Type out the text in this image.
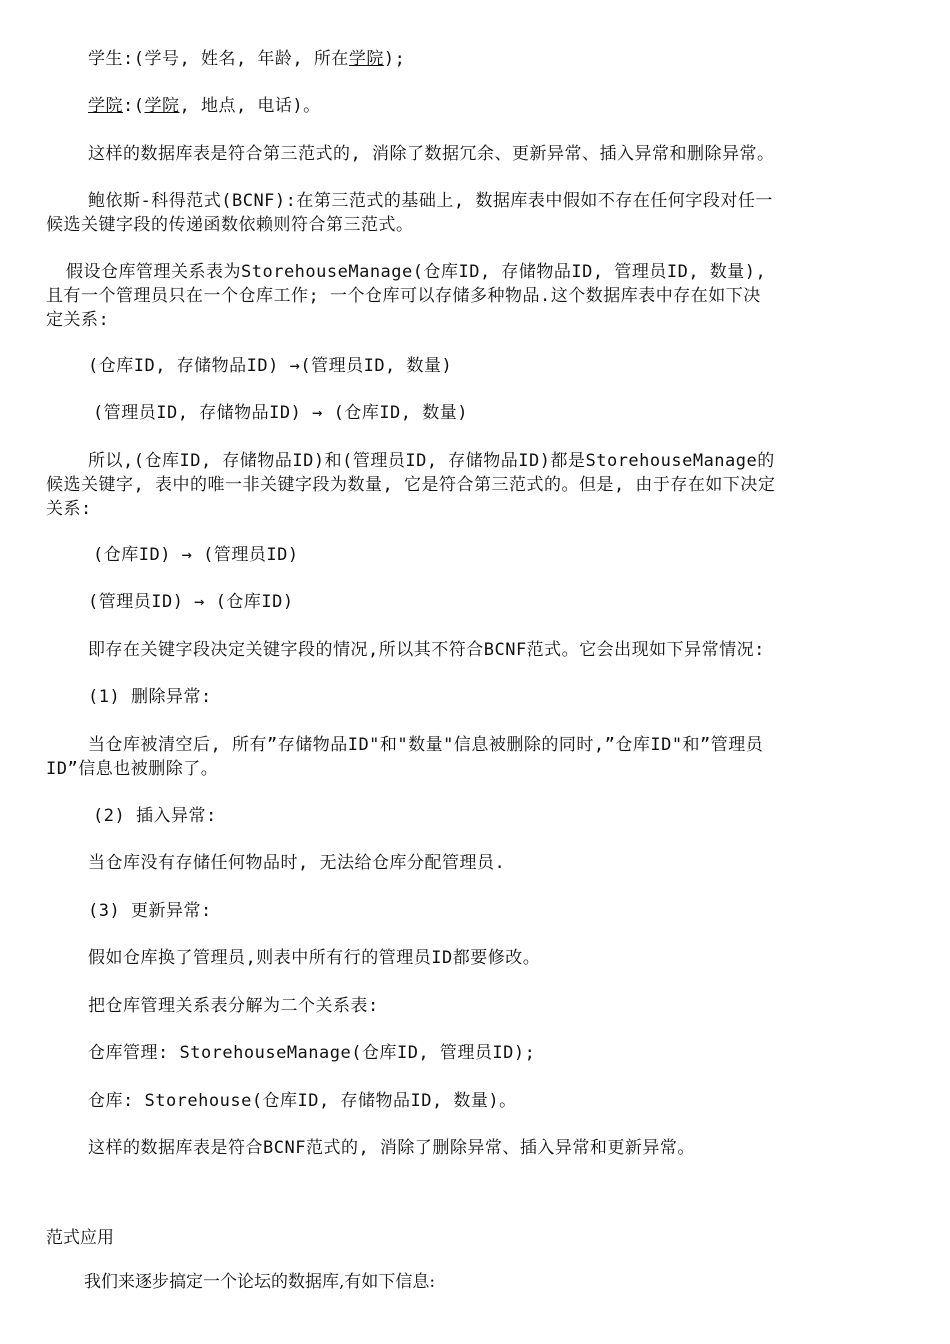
学生:(学号, 姓名, 年龄, 所在学院);

学院:(学院, 地点, 电话)。

这样的数据库表是符合第三范式的, 消除了数据冗余、更新异常、插入异常和删除异常。

鲍依斯-科得范式(BCNF):在第三范式的基础上, 数据库表中假如不存在任何字段对任一

候选关键字段的传递函数依赖则符合第三范式。

假设仓库管理关系表为StorehouseManage(仓库ID, 存储物品ID, 管理员ID, 数量),

且有一个管理员只在一个仓库工作; 一个仓库可以存储多种物品.这个数据库表中存在如下决

定关系:

(仓库ID, 存储物品ID) →(管理员ID, 数量)

(管理员ID, 存储物品ID) → (仓库ID, 数量)

所以,(仓库ID, 存储物品ID)和(管理员ID, 存储物品ID)都是StorehouseManage的

候选关键字, 表中的唯一非关键字段为数量, 它是符合第三范式的。但是, 由于存在如下决定

关系:

(仓库ID) → (管理员ID)

(管理员ID) → (仓库ID)

即存在关键字段决定关键字段的情况,所以其不符合BCNF范式。它会出现如下异常情况:

(1) 删除异常:

当仓库被清空后, 所有”存储物品ID"和"数量"信息被删除的同时,”仓库ID"和”管理员

ID”信息也被删除了。

(2) 插入异常:

当仓库没有存储任何物品时, 无法给仓库分配管理员.

(3) 更新异常:

假如仓库换了管理员,则表中所有行的管理员ID都要修改。

把仓库管理关系表分解为二个关系表:

仓库管理: StorehouseManage(仓库ID, 管理员ID);

仓库: Storehouse(仓库ID, 存储物品ID, 数量)。

这样的数据库表是符合BCNF范式的, 消除了删除异常、插入异常和更新异常。

范式应用

我们来逐步搞定一个论坛的数据库,有如下信息:
